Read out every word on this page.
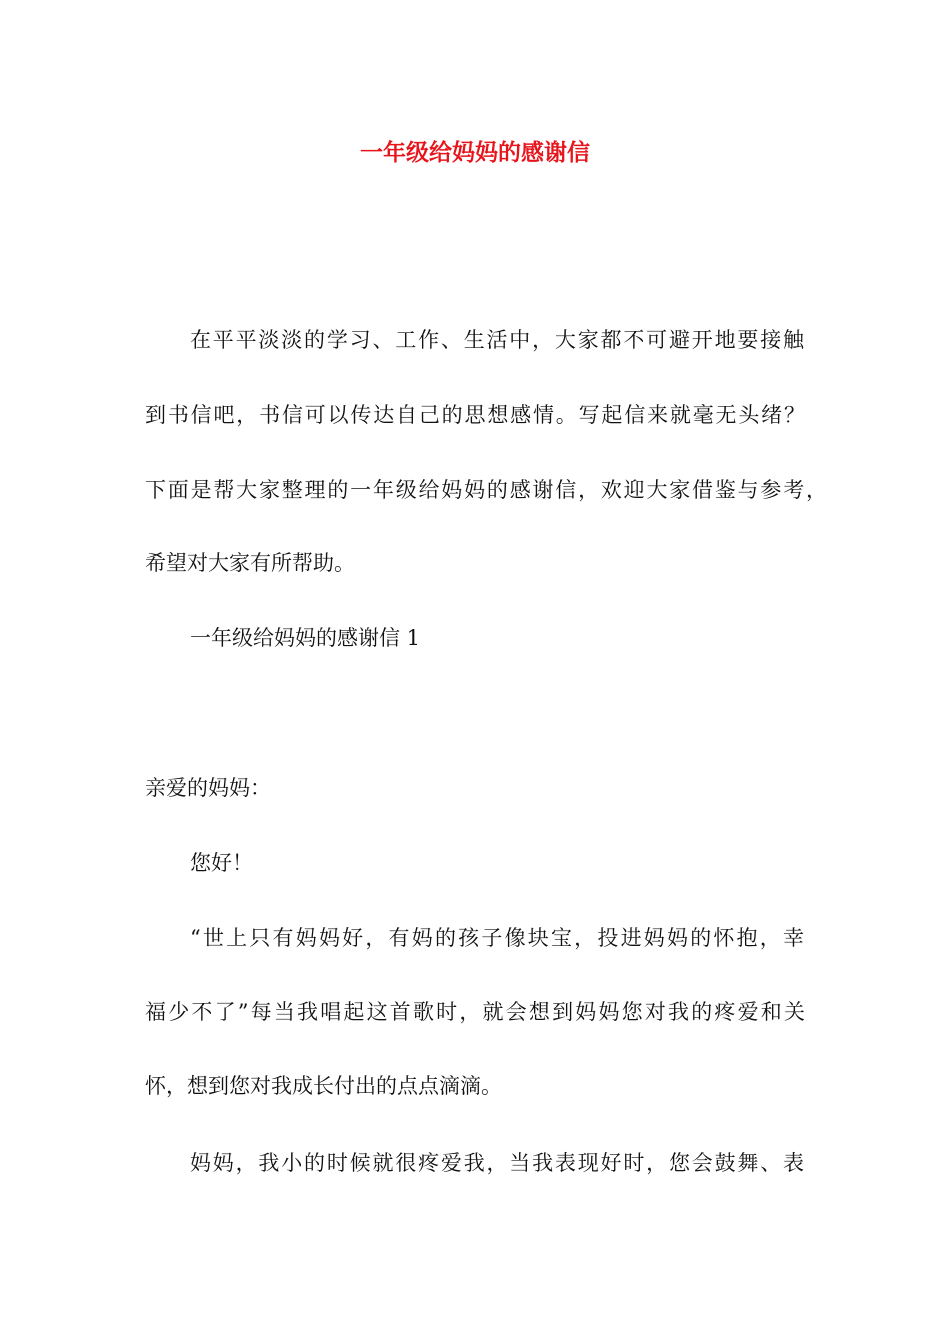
一年级给妈妈的感谢信
在平平淡淡的学习、工作、生活中，大家都不可避开地要接触
到书信吧，书信可以传达自己的思想感情。写起信来就毫无头绪？
下面是帮大家整理的一年级给妈妈的感谢信，欢迎大家借鉴与参考，
希望对大家有所帮助。
一年级给妈妈的感谢信 1
亲爱的妈妈：
您好！
“世上只有妈妈好，有妈的孩子像块宝，投进妈妈的怀抱，幸
福少不了”每当我唱起这首歌时，就会想到妈妈您对我的疼爱和关
怀，想到您对我成长付出的点点滴滴。
妈妈，我小的时候就很疼爱我，当我表现好时，您会鼓舞、表
